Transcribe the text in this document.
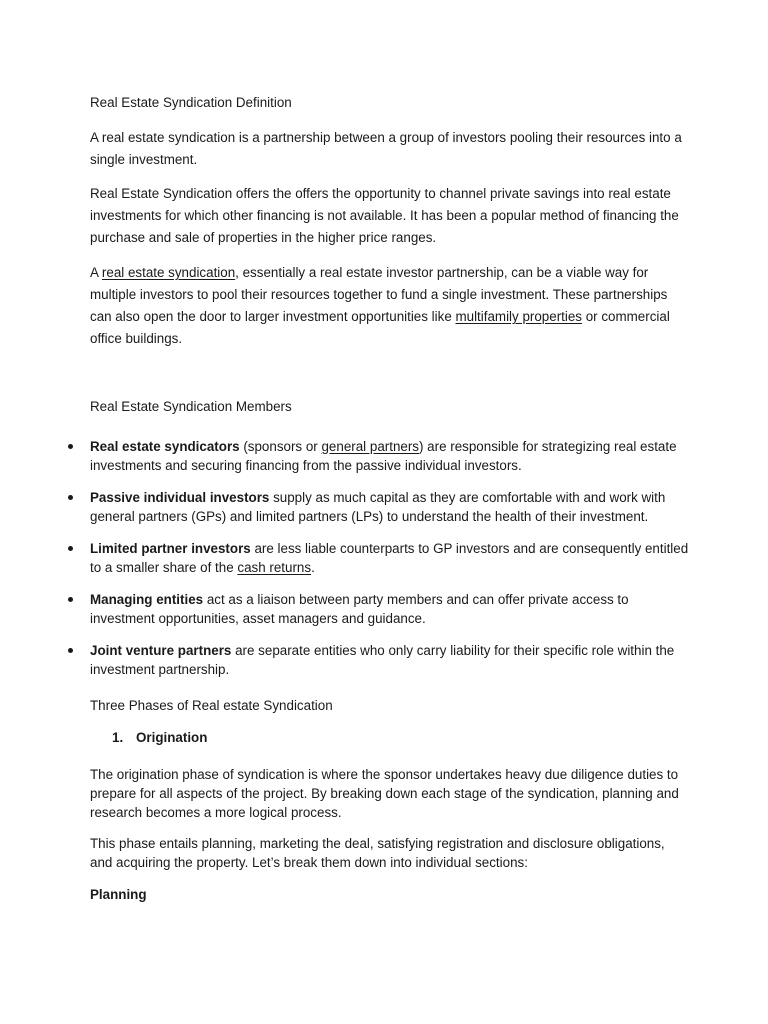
Real Estate Syndication Definition

A real estate syndication is a partnership between a group of investors pooling their resources into a single investment.

Real Estate Syndication offers the offers the opportunity to channel private savings into real estate investments for which other financing is not available. It has been a popular method of financing the purchase and sale of properties in the higher price ranges.

A real estate syndication, essentially a real estate investor partnership, can be a viable way for multiple investors to pool their resources together to fund a single investment. These partnerships can also open the door to larger investment opportunities like multifamily properties or commercial office buildings.

Real Estate Syndication Members

Real estate syndicators (sponsors or general partners) are responsible for strategizing real estate investments and securing financing from the passive individual investors.
Passive individual investors supply as much capital as they are comfortable with and work with general partners (GPs) and limited partners (LPs) to understand the health of their investment.
Limited partner investors are less liable counterparts to GP investors and are consequently entitled to a smaller share of the cash returns.
Managing entities act as a liaison between party members and can offer private access to investment opportunities, asset managers and guidance.
Joint venture partners are separate entities who only carry liability for their specific role within the investment partnership.

Three Phases of Real estate Syndication

1. Origination

The origination phase of syndication is where the sponsor undertakes heavy due diligence duties to prepare for all aspects of the project. By breaking down each stage of the syndication, planning and research becomes a more logical process.

This phase entails planning, marketing the deal, satisfying registration and disclosure obligations, and acquiring the property. Let’s break them down into individual sections:

Planning
